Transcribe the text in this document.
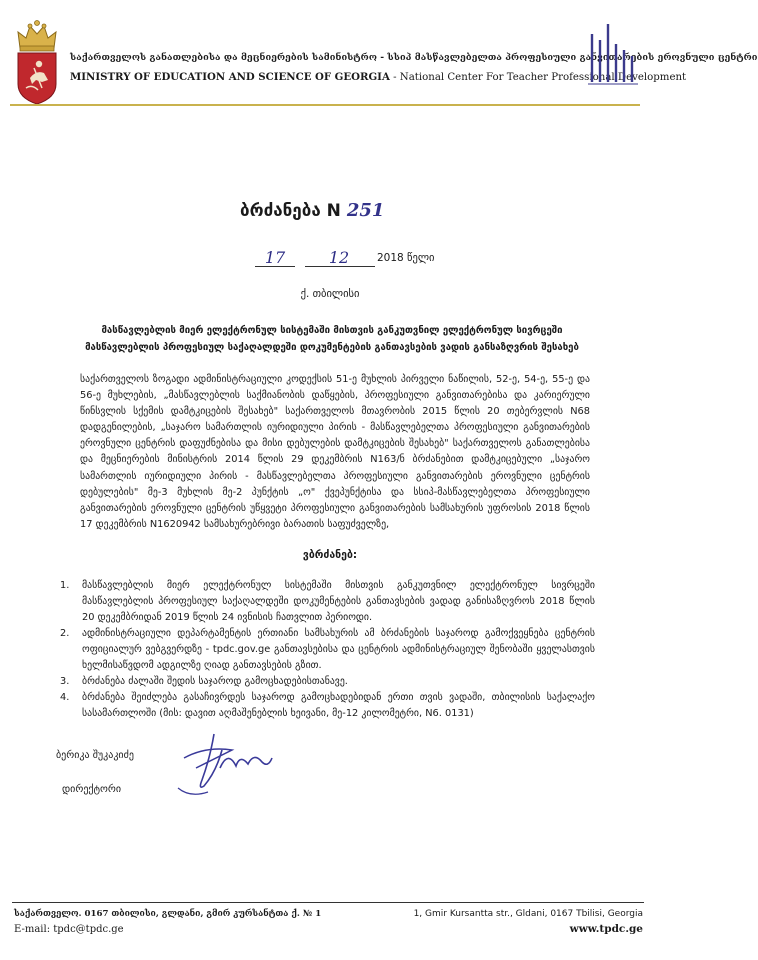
საქართველოს განათლებისა და მეცნიერების სამინისტრო - სსიპ მასწავლებელთა პროფესიული განვითარების ეროვნული ცენტრი
MINISTRY OF EDUCATION AND SCIENCE OF GEORGIA - National Center For Teacher Professional Development
ბრძანება N 251
17	12	2018 წელი
ქ. თბილისი
მასწავლებლის მიერ ელექტრონულ სისტემაში მისთვის განკუთვნილ ელექტრონულ სივრცეში
მასწავლებლის პროფესიულ საქაღალდეში დოკუმენტების განთავსების ვადის განსაზღვრის შესახებ
საქართველოს ზოგადი ადმინისტრაციული კოდექსის 51-ე მუხლის პირველი ნაწილის, 52-ე, 54-ე, 55-ე და 56-ე მუხლების, „მასწავლებლის საქმიანობის დაწყების, პროფესიული განვითარებისა და კარიერული წინსვლის სქემის დამტკიცების შესახებ" საქართველოს მთავრობის 2015 წლის 20 თებერვლის N68 დადგენილების, „საჯარო სამართლის იურიდიული პირის - მასწავლებელთა პროფესიული განვითარების ეროვნული ცენტრის დაფუძნებისა და მისი დებულების დამტკიცების შესახებ" საქართველოს განათლებისა და მეცნიერების მინისტრის 2014 წლის 29 დეკემბრის N163/ნ ბრძანებით დამტკიცებული „საჯარო სამართლის იურიდიული პირის - მასწავლებელთა პროფესიული განვითარების ეროვნული ცენტრის დებულების" მე-3 მუხლის მე-2 პუნქტის „ო" ქვეპუნქტისა და სსიპ-მასწავლებელთა პროფესიული განვითარების ეროვნული ცენტრის უწყვეტი პროფესიული განვითარების სამსახურის უფროსის 2018 წლის 17 დეკემბრის N1620942 სამსახურებრივი ბარათის საფუძველზე,
ვბრძანებ:
1. მასწავლებლის მიერ ელექტრონულ სისტემაში მისთვის განკუთვნილ ელექტრონულ სივრცეში მასწავლებლის პროფესიულ საქაღალდეში დოკუმენტების განთავსების ვადად განისაზღვროს 2018 წლის 20 დეკემბრიდან 2019 წლის 24 ივნისის ჩათვლით პერიოდი.
2. ადმინისტრაციული დეპარტამენტის ერთიანი სამსახურის ამ ბრძანების საჯაროდ გამოქვეყნება ცენტრის ოფიციალურ ვებგვერდზე - tpdc.gov.ge განთავსებისა და ცენტრის ადმინისტრაციულ შენობაში ყველასთვის ხელმისაწვდომ ადგილზე ღიად განთავსების გზით.
3. ბრძანება ძალაში შედის საჯაროდ გამოცხადებისთანავე.
4. ბრძანება შეიძლება გასაჩივრდეს საჯაროდ გამოცხადებიდან ერთი თვის ვადაში, თბილისის საქალაქო სასამართლოში (მის: დავით აღმაშენებლის ხეივანი, მე-12 კილომეტრი, N6. 0131)
ბერიკა შუკაკიძე
დირექტორი
საქართველო. 0167 თბილისი, გლდანი, გმირ კურსანტთა ქ. № 1
E-mail: tpdc@tpdc.ge
1, Gmir Kursantta str., Gldani, 0167 Tbilisi, Georgia
www.tpdc.ge
